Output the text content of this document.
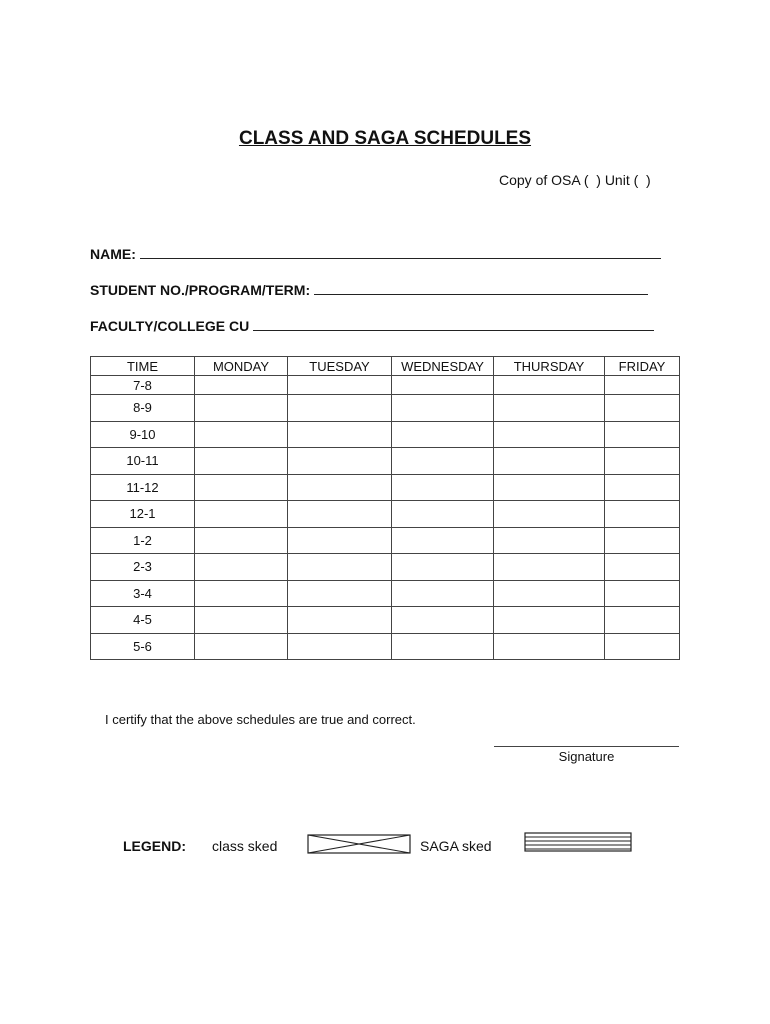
CLASS AND SAGA SCHEDULES
Copy of OSA (  ) Unit (  )
NAME:
STUDENT NO./PROGRAM/TERM:
FACULTY/COLLEGE CU
TIME	MONDAY	TUESDAY	WEDNESDAY	THURSDAY	FRIDAY
7-8					
8-9					
9-10					
10-11					
11-12					
12-1					
1-2					
2-3					
3-4					
4-5					
5-6					
I certify that the above schedules are true and correct.
Signature
LEGEND: class sked	SAGA sked
